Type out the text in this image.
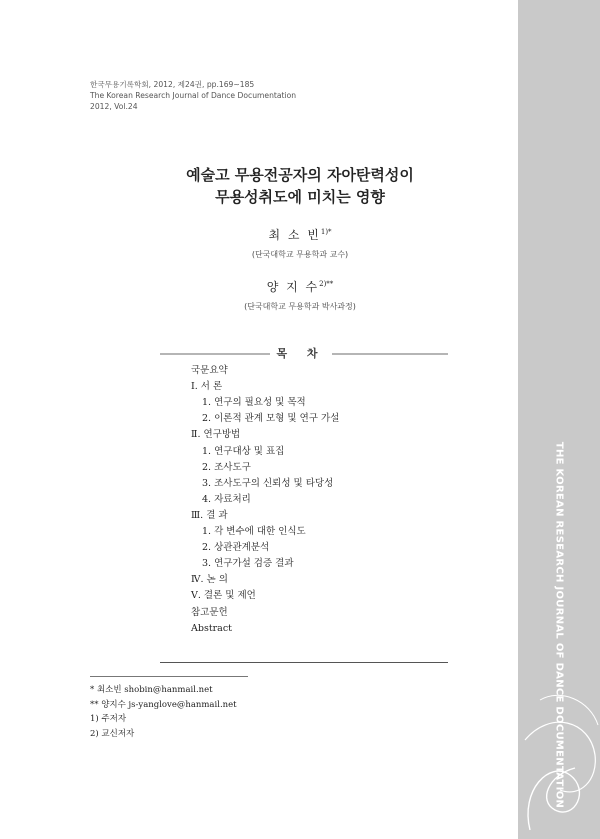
THE KOREAN RESEARCH JOURNAL OF DANCE DOCUMENTATION
한국무용기록학회, 2012, 제24권, pp.169~185
The Korean Research Journal of Dance Documentation
2012, Vol.24
예술고 무용전공자의 자아탄력성이
무용성취도에 미치는 영향
최 소 빈$^{1)*}$
(단국대학교 무용학과 교수)
양 지 수$^{2)**}$
(단국대학교 무용학과 박사과정)
목 차
국문요약
Ⅰ. 서 론
1. 연구의 필요성 및 목적
2. 이론적 관계 모형 및 연구 가설
Ⅱ. 연구방법
1. 연구대상 및 표집
2. 조사도구
3. 조사도구의 신뢰성 및 타당성
4. 자료처리
Ⅲ. 결 과
1. 각 변수에 대한 인식도
2. 상관관계분석
3. 연구가설 검증 결과
Ⅳ. 논 의
Ⅴ. 결론 및 제언
참고문헌
Abstract
* 최소빈 shobin@hanmail.net
** 양지수 js-yanglove@hanmail.net
1) 주저자
2) 교신저자
